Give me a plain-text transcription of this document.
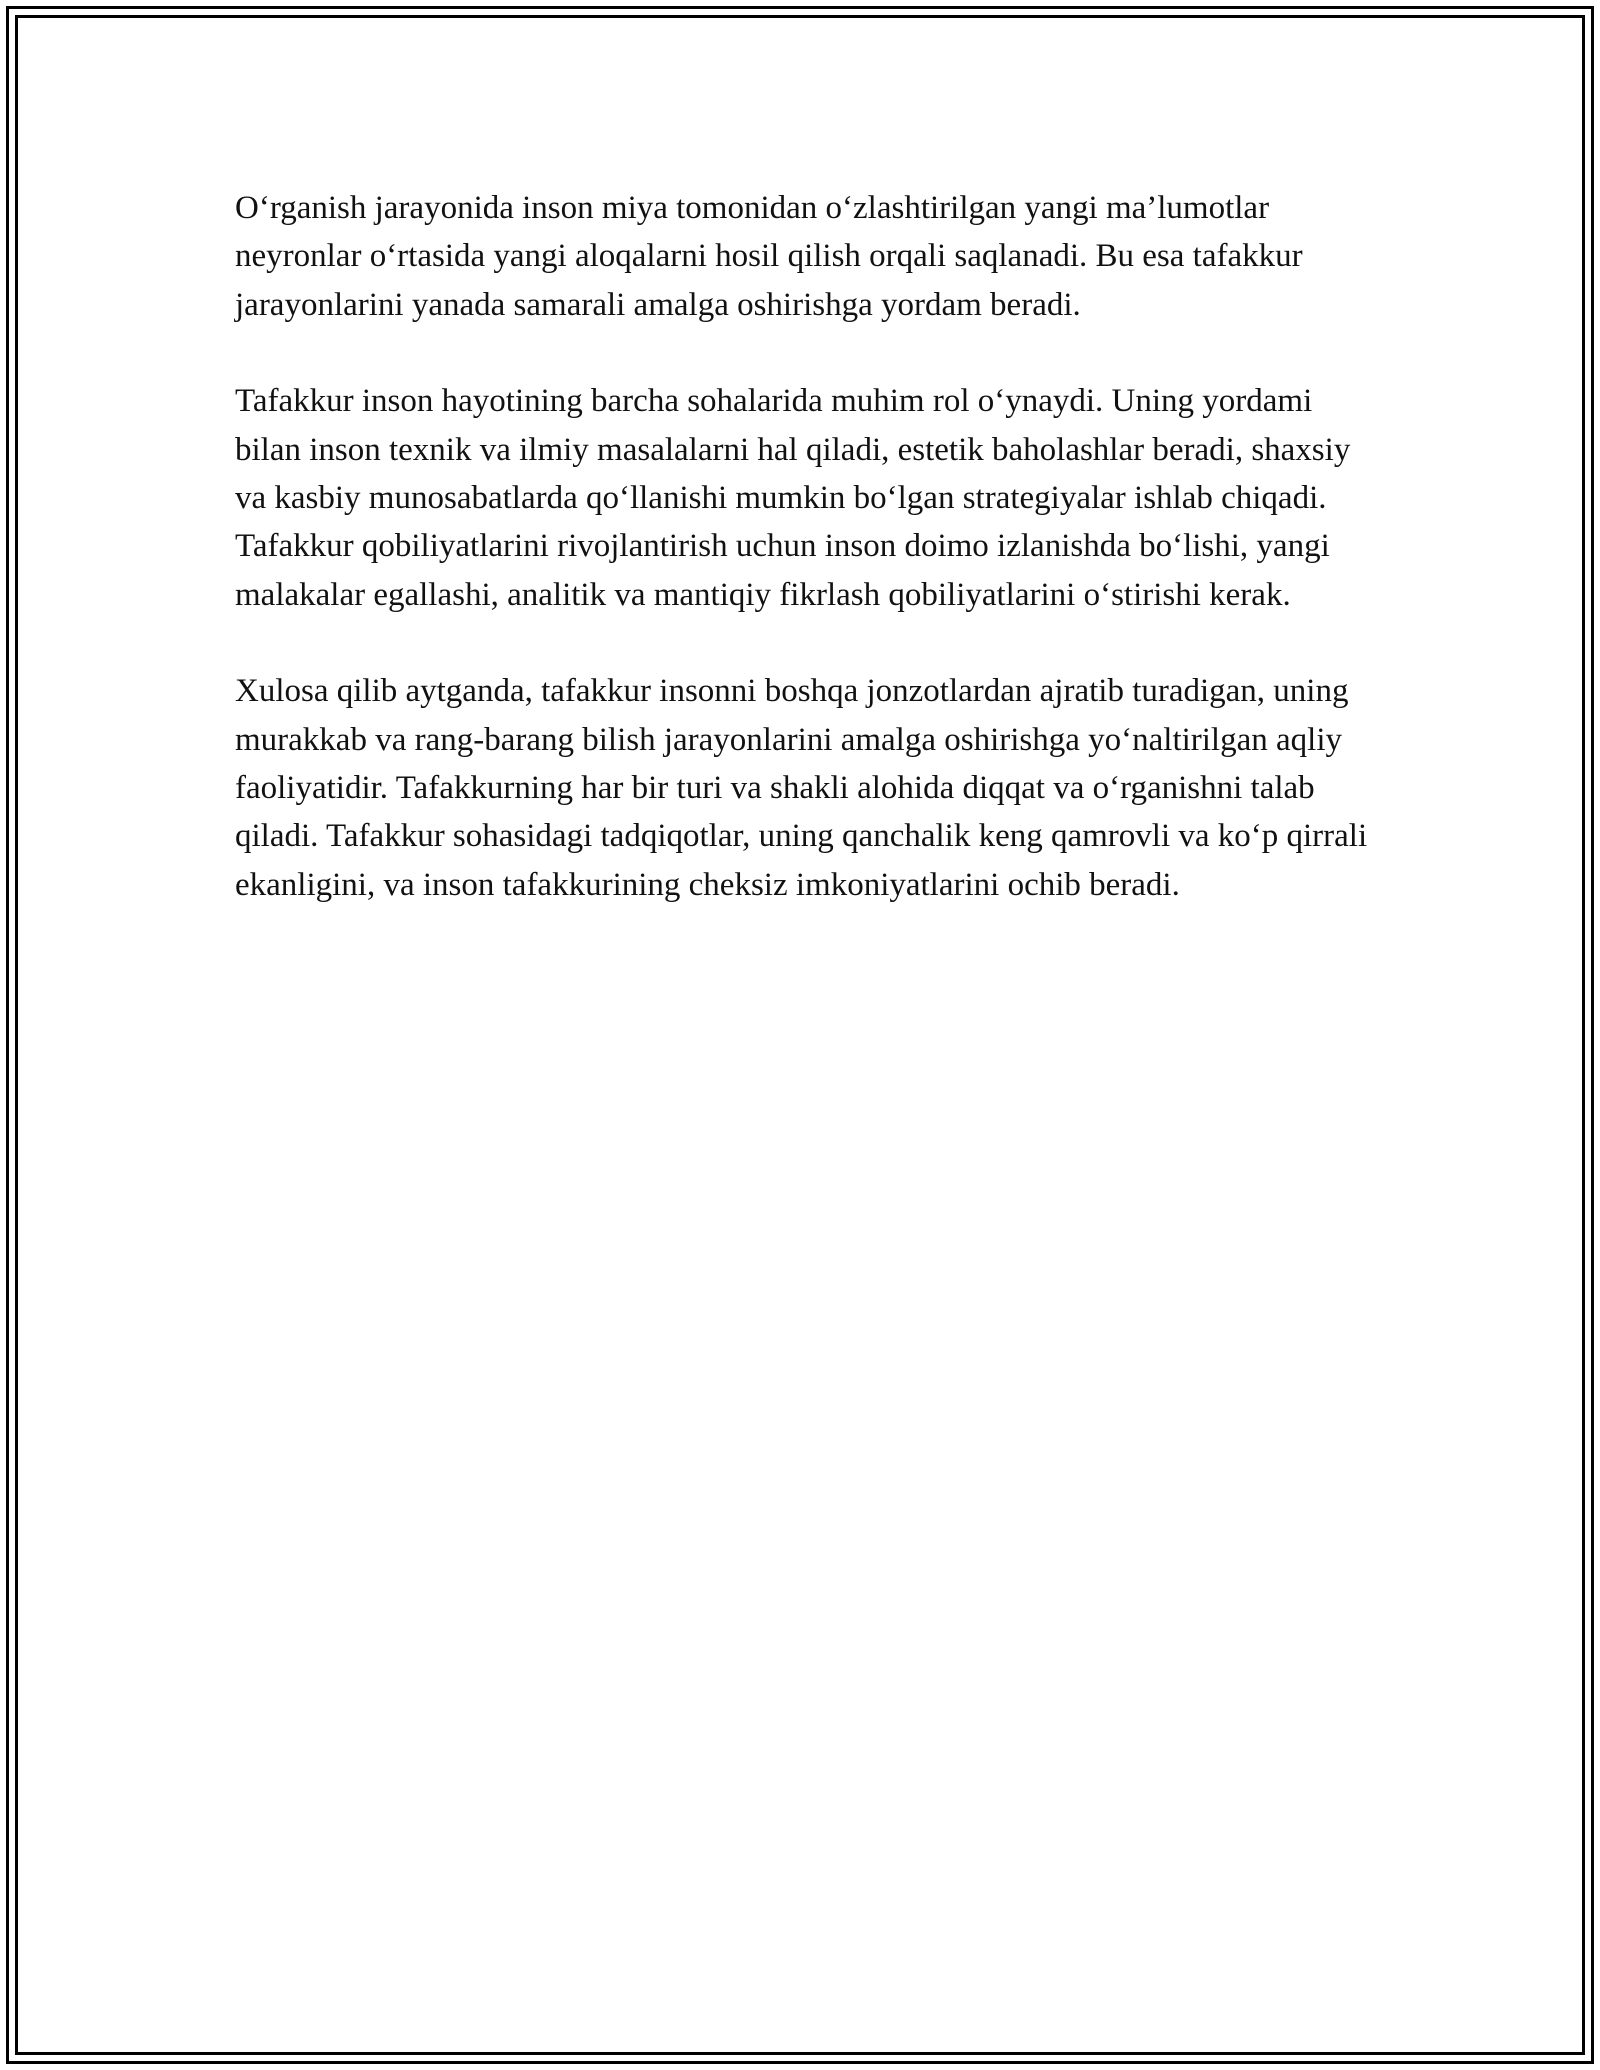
O‘rganish jarayonida inson miya tomonidan o‘zlashtirilgan yangi ma’lumotlar neyronlar o‘rtasida yangi aloqalarni hosil qilish orqali saqlanadi. Bu esa tafakkur jarayonlarini yanada samarali amalga oshirishga yordam beradi.

Tafakkur inson hayotining barcha sohalarida muhim rol o‘ynaydi. Uning yordami bilan inson texnik va ilmiy masalalarni hal qiladi, estetik baholashlar beradi, shaxsiy va kasbiy munosabatlarda qo‘llanishi mumkin bo‘lgan strategiyalar ishlab chiqadi. Tafakkur qobiliyatlarini rivojlantirish uchun inson doimo izlanishda bo‘lishi, yangi malakalar egallashi, analitik va mantiqiy fikrlash qobiliyatlarini o‘stirishi kerak.

Xulosa qilib aytganda, tafakkur insonni boshqa jonzotlardan ajratib turadigan, uning murakkab va rang-barang bilish jarayonlarini amalga oshirishga yo‘naltirilgan aqliy faoliyatidir. Tafakkurning har bir turi va shakli alohida diqqat va o‘rganishni talab qiladi. Tafakkur sohasidagi tadqiqotlar, uning qanchalik keng qamrovli va ko‘p qirrali ekanligini, va inson tafakkurining cheksiz imkoniyatlarini ochib beradi.
